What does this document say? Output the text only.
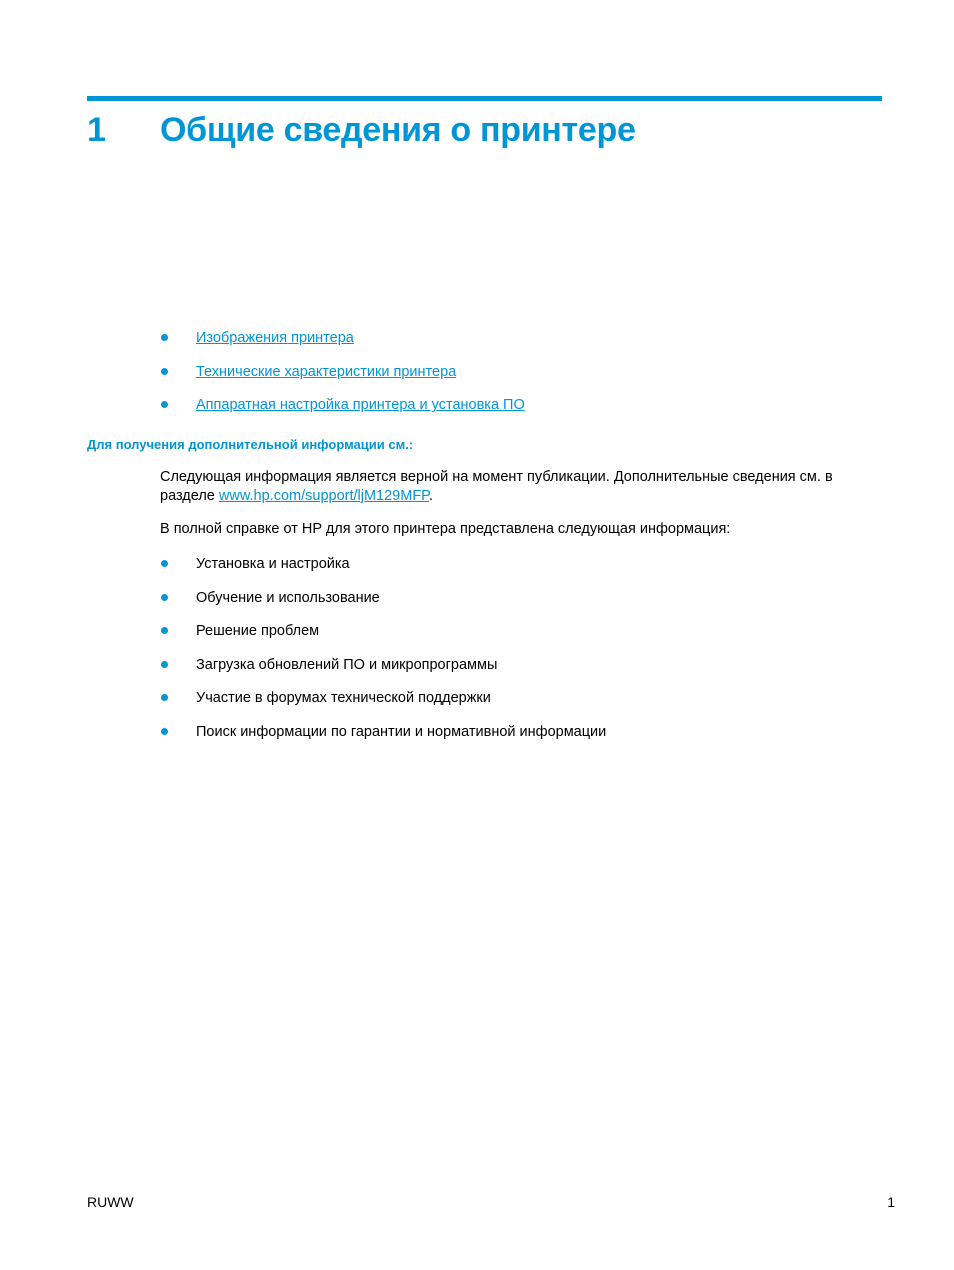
1 Общие сведения о принтере
Изображения принтера
Технические характеристики принтера
Аппаратная настройка принтера и установка ПО
Для получения дополнительной информации см.:

Следующая информация является верной на момент публикации. Дополнительные сведения см. в разделе www.hp.com/support/ljM129MFP.

В полной справке от HP для этого принтера представлена следующая информация:

Установка и настройка
Обучение и использование
Решение проблем
Загрузка обновлений ПО и микропрограммы
Участие в форумах технической поддержки
Поиск информации по гарантии и нормативной информации
RUWW	1
